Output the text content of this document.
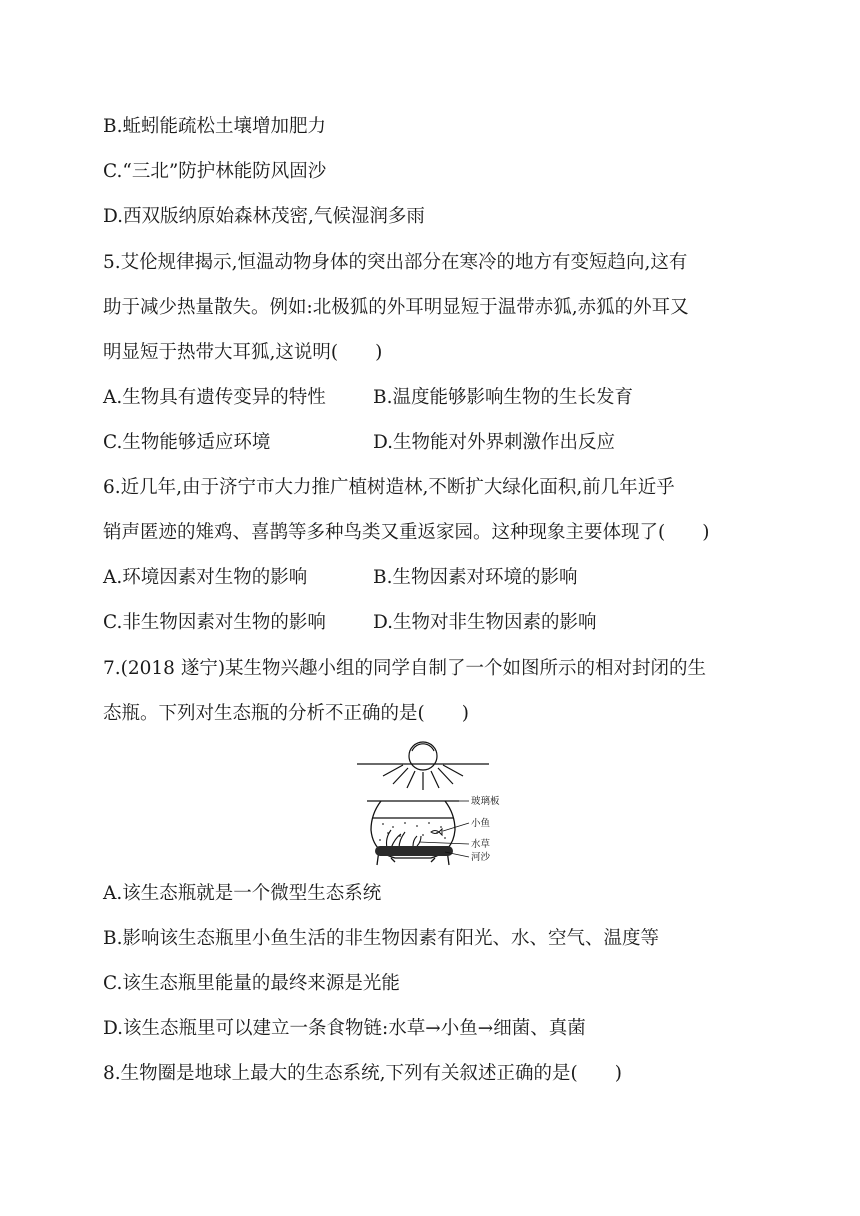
B.蚯蚓能疏松土壤增加肥力
C.“三北”防护林能防风固沙
D.西双版纳原始森林茂密,气候湿润多雨
5.艾伦规律揭示,恒温动物身体的突出部分在寒冷的地方有变短趋向,这有
助于减少热量散失。例如:北极狐的外耳明显短于温带赤狐,赤狐的外耳又
明显短于热带大耳狐,这说明(　　)
A.生物具有遗传变异的特性	B.温度能够影响生物的生长发育
C.生物能够适应环境	D.生物能对外界刺激作出反应
6.近几年,由于济宁市大力推广植树造林,不断扩大绿化面积,前几年近乎
销声匿迹的雉鸡、喜鹊等多种鸟类又重返家园。这种现象主要体现了(　　)
A.环境因素对生物的影响	B.生物因素对环境的影响
C.非生物因素对生物的影响	D.生物对非生物因素的影响
7.(2018 遂宁)某生物兴趣小组的同学自制了一个如图所示的相对封闭的生
态瓶。下列对生态瓶的分析不正确的是(　　)
玻璃板
小鱼
水草
河沙
A.该生态瓶就是一个微型生态系统
B.影响该生态瓶里小鱼生活的非生物因素有阳光、水、空气、温度等
C.该生态瓶里能量的最终来源是光能
D.该生态瓶里可以建立一条食物链:水草→小鱼→细菌、真菌
8.生物圈是地球上最大的生态系统,下列有关叙述正确的是(　　)
